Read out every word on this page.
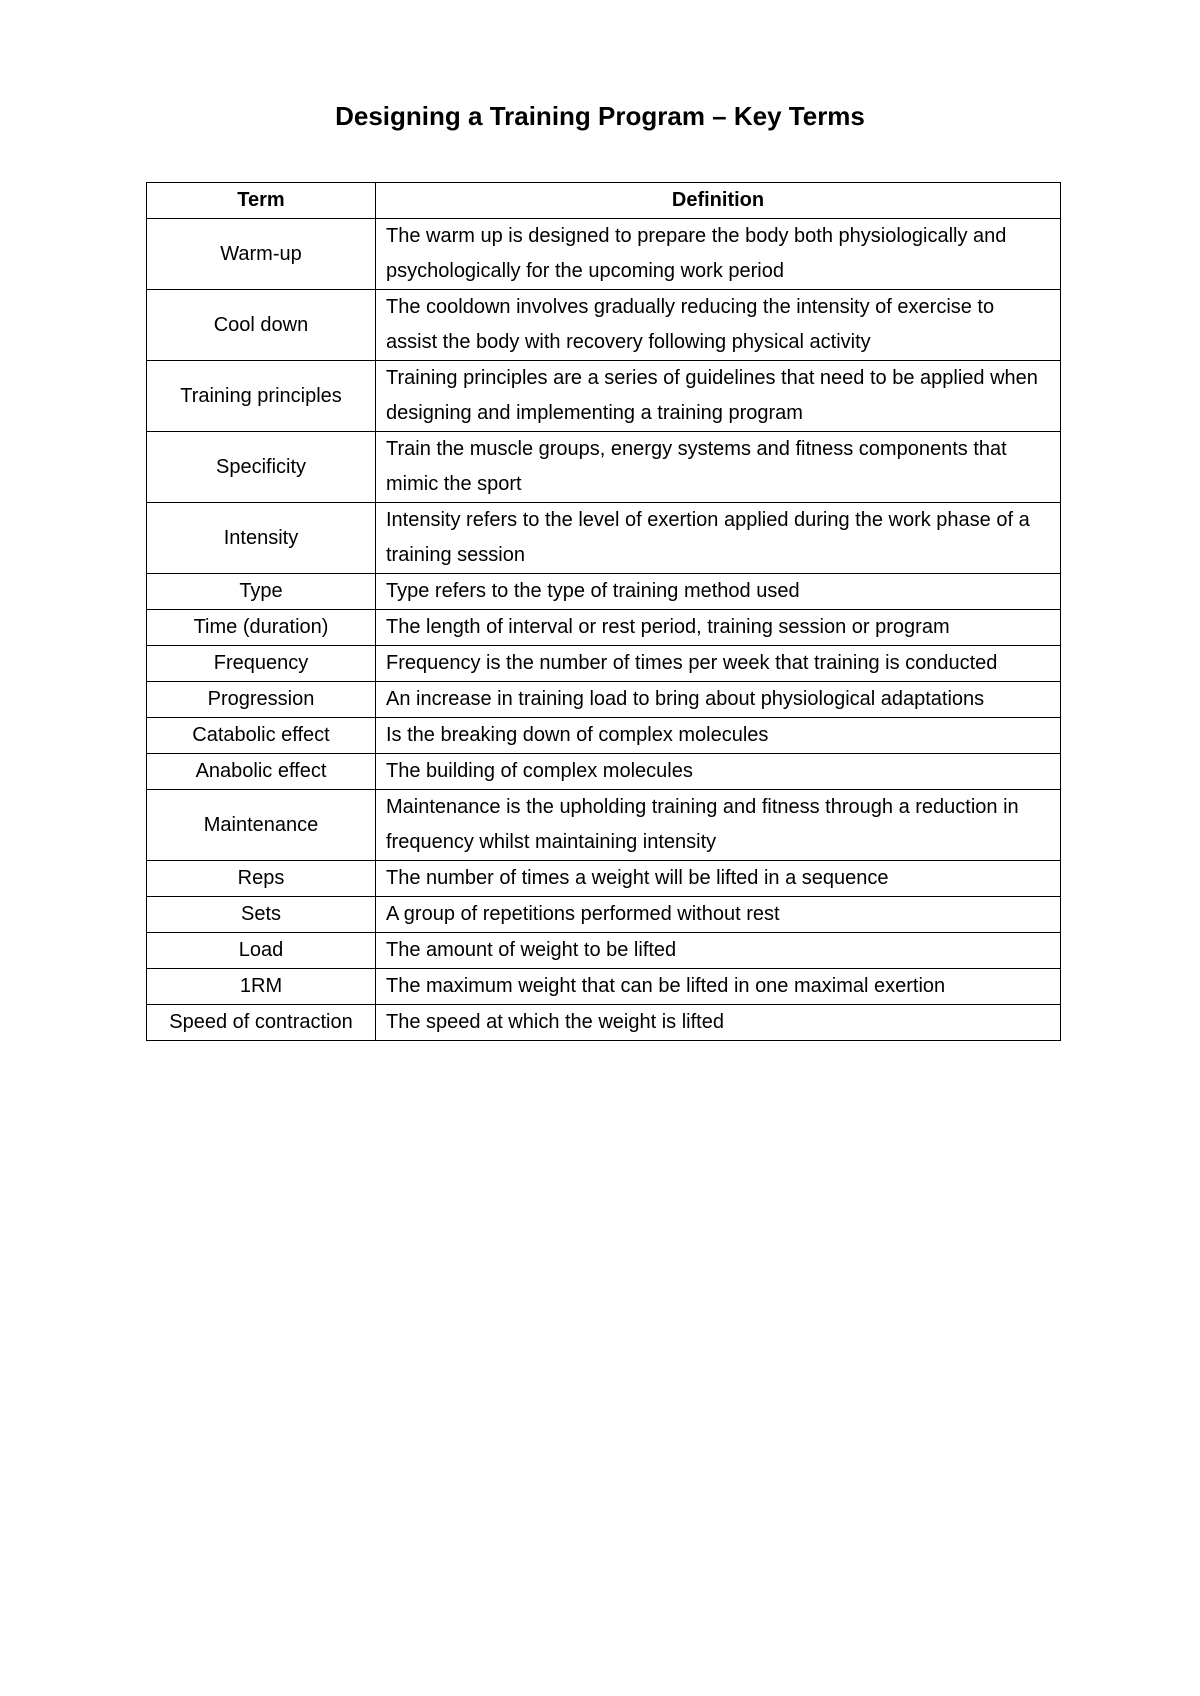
Designing a Training Program – Key Terms
Term	Definition
Warm-up	The warm up is designed to prepare the body both physiologically and psychologically for the upcoming work period
Cool down	The cooldown involves gradually reducing the intensity of exercise to assist the body with recovery following physical activity
Training principles	Training principles are a series of guidelines that need to be applied when designing and implementing a training program
Specificity	Train the muscle groups, energy systems and fitness components that mimic the sport
Intensity	Intensity refers to the level of exertion applied during the work phase of a training session
Type	Type refers to the type of training method used
Time (duration)	The length of interval or rest period, training session or program
Frequency	Frequency is the number of times per week that training is conducted
Progression	An increase in training load to bring about physiological adaptations
Catabolic effect	Is the breaking down of complex molecules
Anabolic effect	The building of complex molecules
Maintenance	Maintenance is the upholding training and fitness through a reduction in frequency whilst maintaining intensity
Reps	The number of times a weight will be lifted in a sequence
Sets	A group of repetitions performed without rest
Load	The amount of weight to be lifted
1RM	The maximum weight that can be lifted in one maximal exertion
Speed of contraction	The speed at which the weight is lifted
